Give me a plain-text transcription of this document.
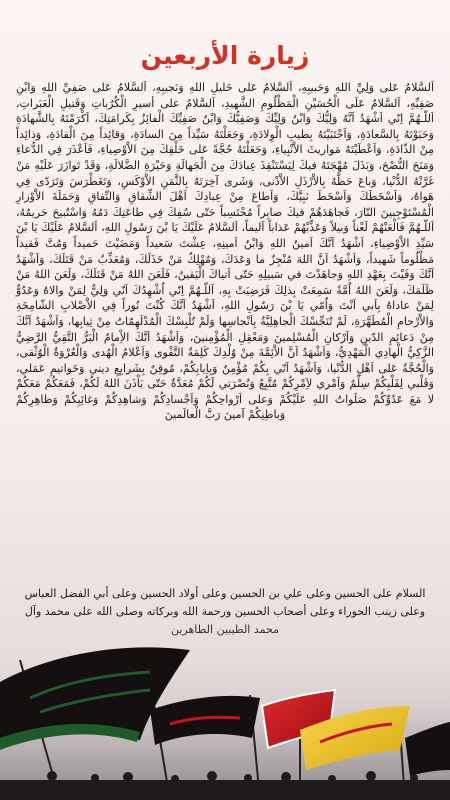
زيارة الأربعين

اَلسَّلامُ عَلى وَلِيِّ اللهِ وَحَبيبِهِ، اَلسَّلامُ عَلى خَليلِ اللهِ وَنَجيبِهِ، اَلسَّلامُ عَلى صَفِيِّ اللهِ وَابْنِ صَفِيِّهِ، اَلسَّلامُ عَلَى الْحُسَيْنِ الْمَظْلُومِ الشَّهيدِ، اَلسَّلامُ على أسيرِ الْكُرُباتِ وَقَتيلِ الْعَبَراتِ، اَللّـهُمَّ اِنّي اَشْهَدُ اَنَّهُ وَلِيُّكَ وَابْنُ وَلِيِّكَ وَصَفِيُّكَ وَابْنُ صَفِيِّكَ الْفائِزُ بِكَرامَتِكَ، اَكْرَمْتَهُ بِالشَّهادَةِ وَحَبَوْتَهُ بِالسَّعادَةِ، وَاَجْتَبَيْتَهُ بِطيبِ الْوِلادَةِ، وَجَعَلْتَهُ سَيِّداً مِنَ السادَةِ، وَقائِداً مِنَ الْقادَةِ، وَذائِداً مِنْ الذّادَةِ، وَاَعْطَيْتَهُ مَواريثَ الاَْنْبِياءِ، وَجَعَلْتَهُ حُجَّةً عَلى خَلْقِكَ مِنَ الاَْوْصِياءِ، فَاَعْذَرَ فِي الدُّعاءِ وَمَنَحَ النُّصْحَ، وَبَذَلَ مُهْجَتَهُ فيكَ لِيَسْتَنْقِذَ عِبادَكَ مِنَ الْجَهالَةِ وَحَيْرَةِ الضَّلالَةِ، وَقَدْ تَوازَرَ عَلَيْهِ مَنْ غَرَّتْهُ الدُّنْيا، وَباعَ حَظَّهُ بِالاَْرْذَلِ الاَْدْنى، وَشَرى آخِرَتَهُ بِالثَّمَنِ الاَْوْكَسِ، وَتَغَطْرَسَ وَتَرَدّى فِي هَواهُ، وَاَسْخَطَكَ وَاَسْخَطَ نَبِيَّكَ، وَاَطاعَ مِنْ عِبادِكَ اَهْلَ الشِّقاقِ وَالنِّفاقِ وَحَمَلَةَ الاَْوْزارِ الْمُسْتَوْجِبينَ النّارَ، فَجاهَدَهُمْ فيكَ صابِراً مُحْتَسِباً حَتّى سُفِكَ فِي طاعَتِكَ دَمُهُ وَاسْتُبيحَ حَريمُهُ، اَللّـهُمَّ فَالْعَنْهُمْ لَعْناً وَبيلاً وَعَذِّبْهُمْ عَذاباً اَليماً، اَلسَّلامُ عَلَيْكَ يَا بْنَ رَسُولِ اللهِ، اَلسَّلامُ عَلَيْكَ يَا بْنَ سَيِّدِ الاَْوْصِياءِ، اَشْهَدُ اَنَّكَ اَمينُ اللهِ وَابْنُ اَمينِهِ، عِشْتَ سَعيداً وَمَضَيْتَ حَميداً وَمُتَّ فَقيداً مَظْلُوماً شَهيداً، وَاَشْهَدُ اَنَّ اللهَ مُنْجِزٌ ما وَعَدَكَ، وَمُهْلِكٌ مَنْ خَذَلَكَ، وَمُعَذِّبٌ مَنْ قَتَلَكَ، وَاَشْهَدُ اَنَّكَ وَفَيْتَ بِعَهْدِ اللهِ وَجاهَدْتَ في سَبيلِهِ حَتّى اَتياكَ الْيَقينُ، فَلَعَنَ اللهُ مَنْ قَتَلَكَ، وَلَعَنَ اللهُ مَنْ ظَلَمَكَ، وَلَعَنَ اللهُ اُمَّةً سَمِعَتْ بِذلِكَ فَرَضِيَتْ بِهِ، اَللّـهُمَّ اِنّي اُشْهِدُكَ اَنّي وَلِيٌّ لِمَنْ والاهُ وَعَدُوٌّ لِمَنْ عاداهُ بِاَبي اَنْتَ وَاُمّي يَا بْنَ رَسُولِ اللهِ، اَشْهَدُ اَنَّكَ كُنْتَ نُوراً فِي الاَْصْلابِ الشّامِخَةِ وَالاَْرْحامِ الْمُطَهَّرَةِ، لَمْ تُنَجِّسْكَ الْجاهِلِيَّةُ بِاَنْجاسِها وَلَمْ تُلْبِسْكَ الْمُدْلَهِمّاتُ مِنْ ثِيابِها، وَاَشْهَدُ اَنَّكَ مِنْ دَعائِمِ الدّينِ وَاَرْكانِ الْمُسْلِمينَ وَمَعْقِلِ الْمُؤْمِنينَ، وَاَشْهَدُ اَنَّكَ الاِْمامُ الْبَرُّ التَّقِيُّ الرَّضِيُّ الزَّكِيُّ الْهادِي الْمَهْدِيُّ، وَاَشْهَدُ اَنَّ الاَْئِمَّةَ مِنْ وُلْدِكَ كَلِمَةُ التَّقْوى وَاَعْلامُ الْهُدى وَالْعُرْوَةُ الْوُثْقى، وَالْحُجَّةُ عَلى اَهْلِ الدُّنْيا، وَاَشْهَدُ اَنّي بِكُمْ مُؤْمِنٌ وَبِاِيابِكُمْ، مُوقِنٌ بِشَرايِعِ ديني وَخَواتيمِ عَمَلي، وَقَلْبي لِقَلْبِكُمْ سِلْمٌ وَاَمْري لاَِمْرِكُمْ مُتَّبِعٌ وَنُصْرَتي لَكُمْ مُعَدَّةٌ حَتّى يَاْذَنَ اللهُ لَكُمْ، فَمَعَكُمْ مَعَكُمْ لا مَعَ عَدُوِّكُمْ صَلَواتُ اللهِ عَلَيْكُمْ وَعلى اَرْواحِكُمْ وَاَجْسادِكُمْ وَشاهِدِكُمْ وَغائِبِكُمْ وَظاهِرِكُمْ وَباطِنِكُمْ آمينَ رَبَّ الْعالَمينَ

السلام على الحسين وعلى علي بن الحسين وعلى أولاد الحسين وعلى أبي الفضل العباس وعلى زينب الحوراء وعلى أصحاب الحسين ورحمة الله وبركاته وصلى الله على محمد وآل
